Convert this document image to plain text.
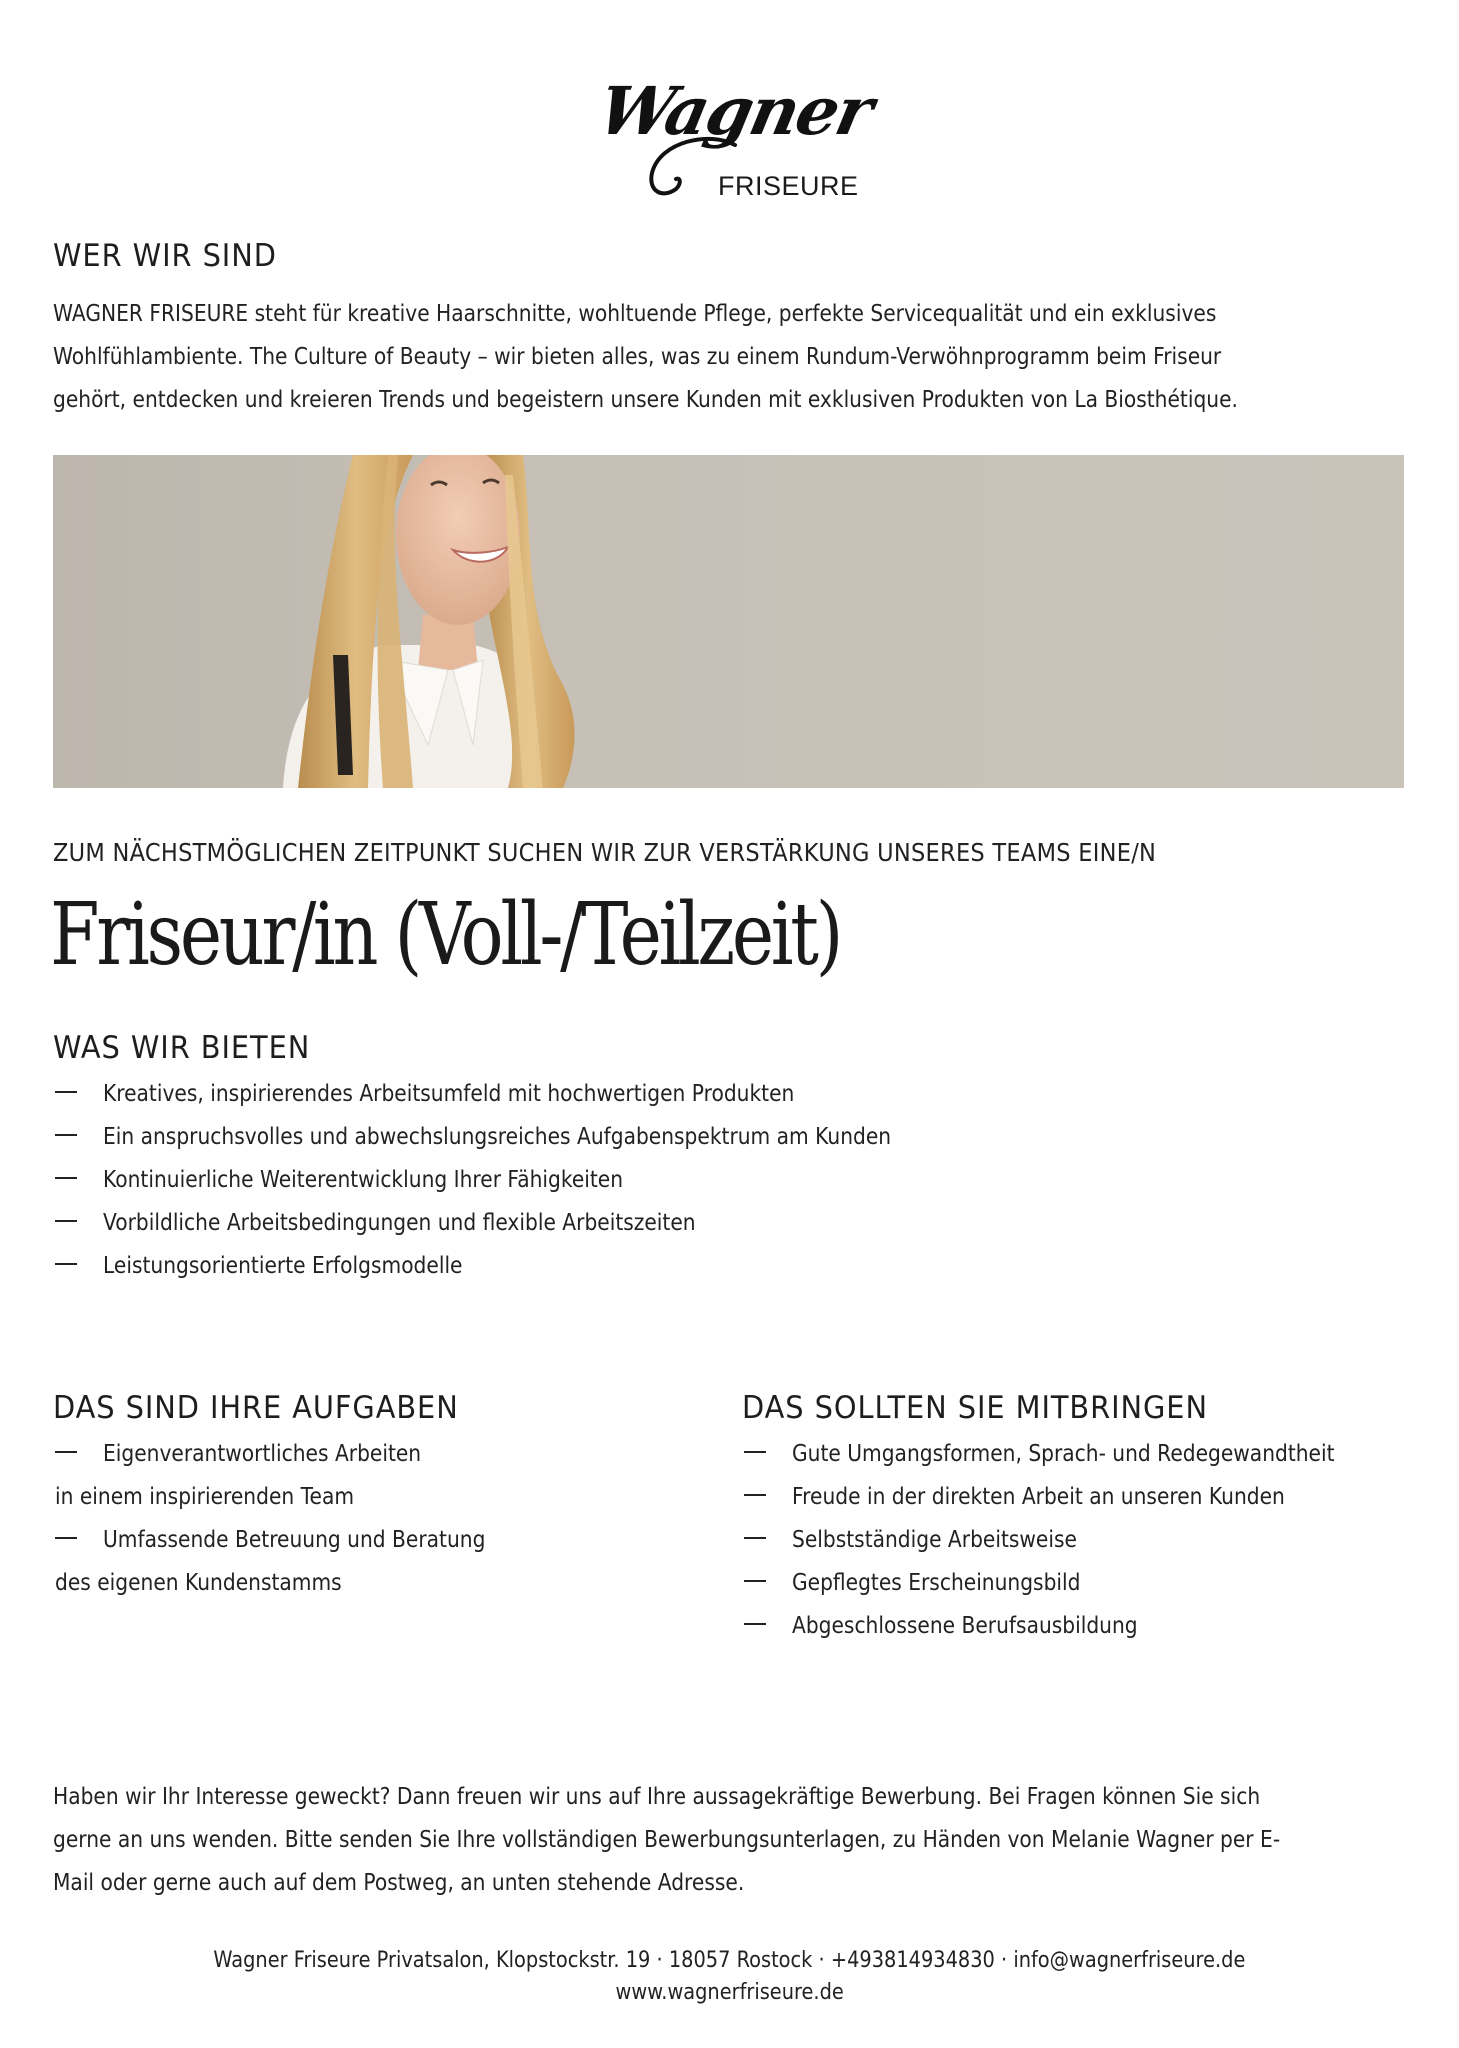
Wagner
FRISEURE
WER WIR SIND
WAGNER FRISEURE steht für kreative Haarschnitte, wohltuende Pflege, perfekte Servicequalität und ein exklusives
Wohlfühlambiente. The Culture of Beauty – wir bieten alles, was zu einem Rundum-Verwöhnprogramm beim Friseur
gehört, entdecken und kreieren Trends und begeistern unsere Kunden mit exklusiven Produkten von La Biosthétique.
ZUM NÄCHSTMÖGLICHEN ZEITPUNKT SUCHEN WIR ZUR VERSTÄRKUNG UNSERES TEAMS EINE/N
Friseur/in (Voll-/Teilzeit)
WAS WIR BIETEN
Kreatives, inspirierendes Arbeitsumfeld mit hochwertigen Produkten
Ein anspruchsvolles und abwechslungsreiches Aufgabenspektrum am Kunden
Kontinuierliche Weiterentwicklung Ihrer Fähigkeiten
Vorbildliche Arbeitsbedingungen und flexible Arbeitszeiten
Leistungsorientierte Erfolgsmodelle
DAS SIND IHRE AUFGABEN
Eigenverantwortliches Arbeiten
in einem inspirierenden Team
Umfassende Betreuung und Beratung
des eigenen Kundenstamms
DAS SOLLTEN SIE MITBRINGEN
Gute Umgangsformen, Sprach- und Redegewandtheit
Freude in der direkten Arbeit an unseren Kunden
Selbstständige Arbeitsweise
Gepflegtes Erscheinungsbild
Abgeschlossene Berufsausbildung
Haben wir Ihr Interesse geweckt? Dann freuen wir uns auf Ihre aussagekräftige Bewerbung. Bei Fragen können Sie sich
gerne an uns wenden. Bitte senden Sie Ihre vollständigen Bewerbungsunterlagen, zu Händen von Melanie Wagner per E-
Mail oder gerne auch auf dem Postweg, an unten stehende Adresse.
Wagner Friseure Privatsalon, Klopstockstr. 19 · 18057 Rostock · +493814934830 · info@wagnerfriseure.de
www.wagnerfriseure.de
